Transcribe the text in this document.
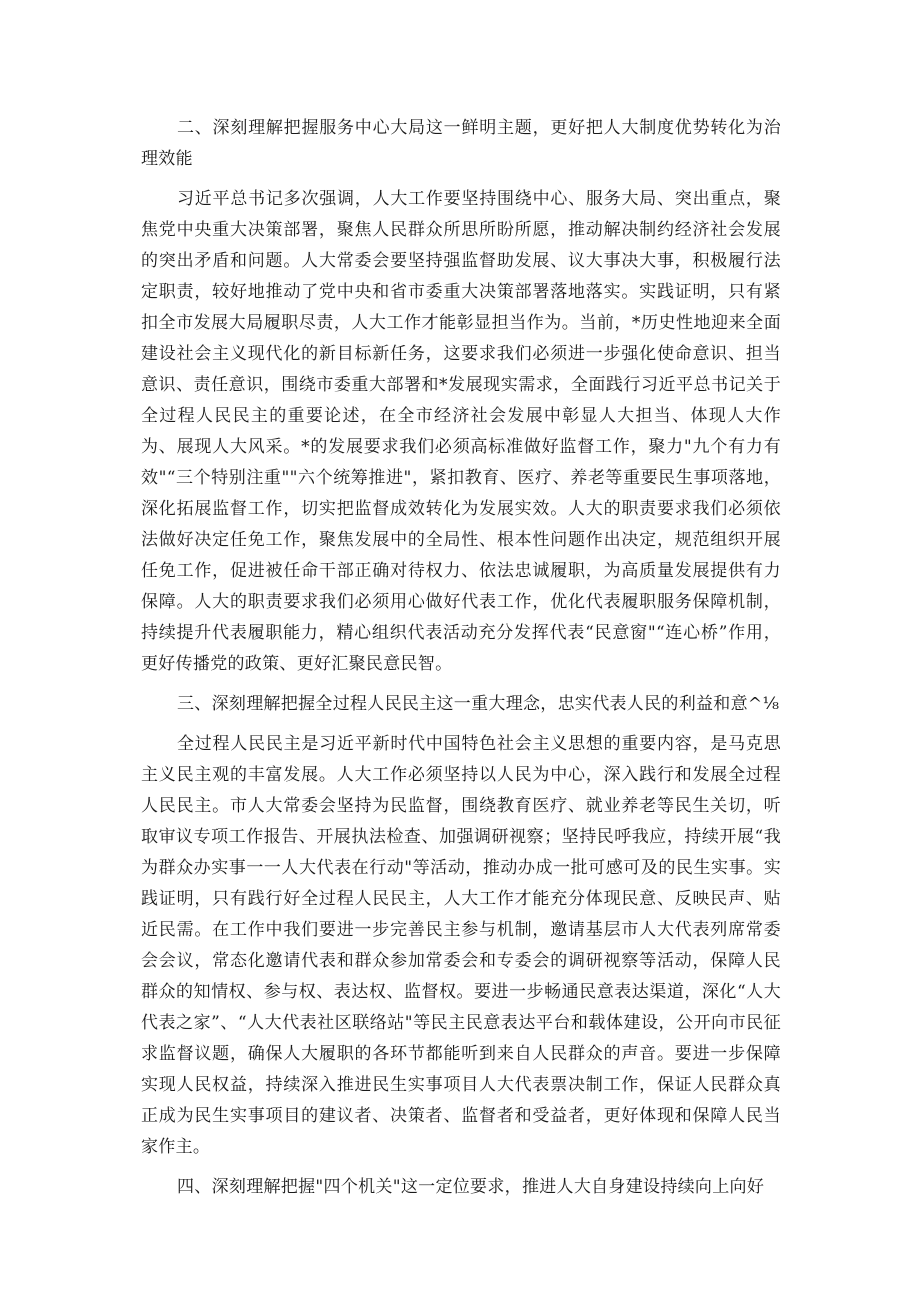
二、深刻理解把握服务中心大局这一鲜明主题，更好把人大制度优势转化为治理效能

习近平总书记多次强调，人大工作要坚持围绕中心、服务大局、突出重点，聚焦党中央重大决策部署，聚焦人民群众所思所盼所愿，推动解决制约经济社会发展的突出矛盾和问题。人大常委会要坚持强监督助发展、议大事决大事，积极履行法定职责，较好地推动了党中央和省市委重大决策部署落地落实。实践证明，只有紧扣全市发展大局履职尽责，人大工作才能彰显担当作为。当前，*历史性地迎来全面建设社会主义现代化的新目标新任务，这要求我们必须进一步强化使命意识、担当意识、责任意识，围绕市委重大部署和*发展现实需求，全面践行习近平总书记关于全过程人民民主的重要论述，在全市经济社会发展中彰显人大担当、体现人大作为、展现人大风采。*的发展要求我们必须高标准做好监督工作，聚力"九个有力有效"“三个特别注重""六个统筹推进"，紧扣教育、医疗、养老等重要民生事项落地，深化拓展监督工作，切实把监督成效转化为发展实效。人大的职责要求我们必须依法做好决定任免工作，聚焦发展中的全局性、根本性问题作出决定，规范组织开展任免工作，促进被任命干部正确对待权力、依法忠诚履职，为高质量发展提供有力保障。人大的职责要求我们必须用心做好代表工作，优化代表履职服务保障机制，持续提升代表履职能力，精心组织代表活动充分发挥代表“民意窗"“连心桥”作用，更好传播党的政策、更好汇聚民意民智。

三、深刻理解把握全过程人民民主这一重大理念，忠实代表人民的利益和意^⅛

全过程人民民主是习近平新时代中国特色社会主义思想的重要内容，是马克思主义民主观的丰富发展。人大工作必须坚持以人民为中心，深入践行和发展全过程人民民主。市人大常委会坚持为民监督，围绕教育医疗、就业养老等民生关切，听取审议专项工作报告、开展执法检查、加强调研视察；坚持民呼我应，持续开展“我为群众办实事一一人大代表在行动"等活动，推动办成一批可感可及的民生实事。实践证明，只有践行好全过程人民民主，人大工作才能充分体现民意、反映民声、贴近民需。在工作中我们要进一步完善民主参与机制，邀请基层市人大代表列席常委会会议，常态化邀请代表和群众参加常委会和专委会的调研视察等活动，保障人民群众的知情权、参与权、表达权、监督权。要进一步畅通民意表达渠道，深化“人大代表之家”、“人大代表社区联络站"等民主民意表达平台和载体建设，公开向市民征求监督议题，确保人大履职的各环节都能听到来自人民群众的声音。要进一步保障实现人民权益，持续深入推进民生实事项目人大代表票决制工作，保证人民群众真正成为民生实事项目的建议者、决策者、监督者和受益者，更好体现和保障人民当家作主。

四、深刻理解把握"四个机关"这一定位要求，推进人大自身建设持续向上向好
